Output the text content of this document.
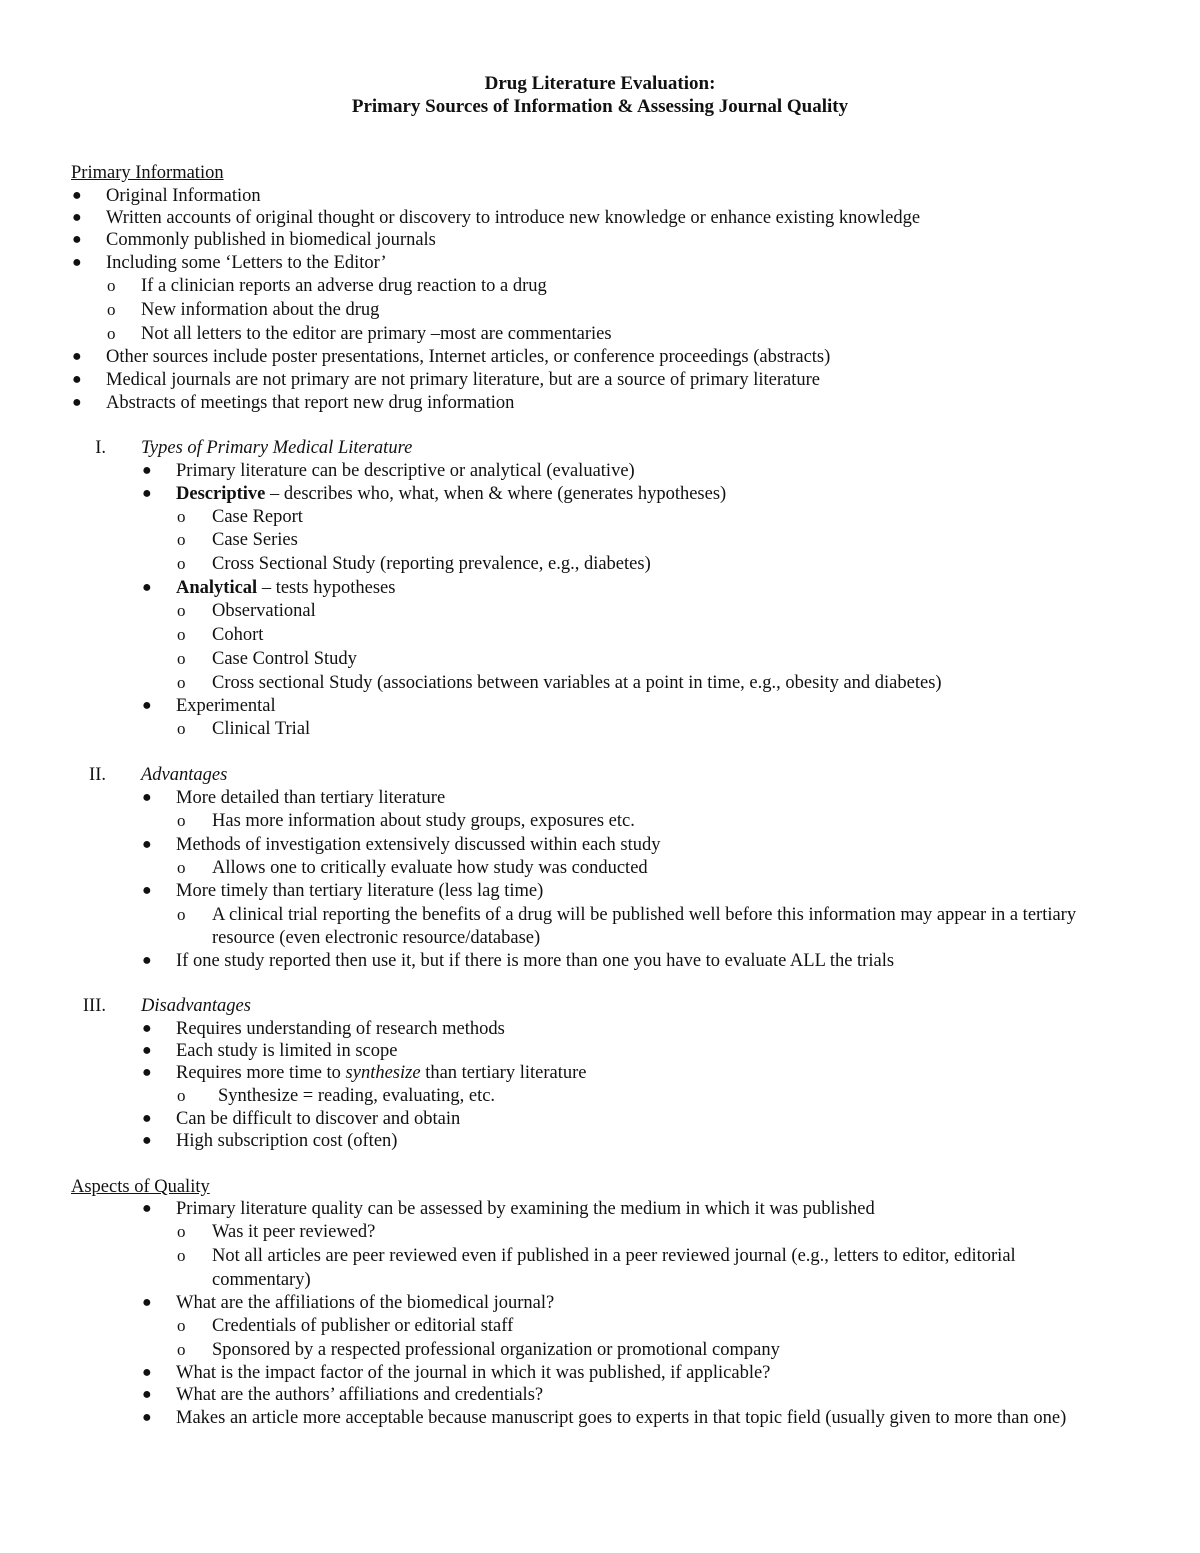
Drug Literature Evaluation:
Primary Sources of Information & Assessing Journal Quality
Primary Information
● Original Information
● Written accounts of original thought or discovery to introduce new knowledge or enhance existing knowledge
● Commonly published in biomedical journals
● Including some ‘Letters to the Editor’
o If a clinician reports an adverse drug reaction to a drug
o New information about the drug
o Not all letters to the editor are primary –most are commentaries
● Other sources include poster presentations, Internet articles, or conference proceedings (abstracts)
● Medical journals are not primary are not primary literature, but are a source of primary literature
● Abstracts of meetings that report new drug information
I. Types of Primary Medical Literature
● Primary literature can be descriptive or analytical (evaluative)
● Descriptive – describes who, what, when & where (generates hypotheses)
o Case Report
o Case Series
o Cross Sectional Study (reporting prevalence, e.g., diabetes)
● Analytical – tests hypotheses
o Observational
o Cohort
o Case Control Study
o Cross sectional Study (associations between variables at a point in time, e.g., obesity and diabetes)
● Experimental
o Clinical Trial
II. Advantages
● More detailed than tertiary literature
o Has more information about study groups, exposures etc.
● Methods of investigation extensively discussed within each study
o Allows one to critically evaluate how study was conducted
● More timely than tertiary literature (less lag time)
o A clinical trial reporting the benefits of a drug will be published well before this information may appear in a tertiary
resource (even electronic resource/database)
● If one study reported then use it, but if there is more than one you have to evaluate ALL the trials
III. Disadvantages
● Requires understanding of research methods
● Each study is limited in scope
● Requires more time to synthesize than tertiary literature
o Synthesize = reading, evaluating, etc.
● Can be difficult to discover and obtain
● High subscription cost (often)
Aspects of Quality
● Primary literature quality can be assessed by examining the medium in which it was published
o Was it peer reviewed?
o Not all articles are peer reviewed even if published in a peer reviewed journal (e.g., letters to editor, editorial
commentary)
● What are the affiliations of the biomedical journal?
o Credentials of publisher or editorial staff
o Sponsored by a respected professional organization or promotional company
● What is the impact factor of the journal in which it was published, if applicable?
● What are the authors’ affiliations and credentials?
● Makes an article more acceptable because manuscript goes to experts in that topic field (usually given to more than one)
